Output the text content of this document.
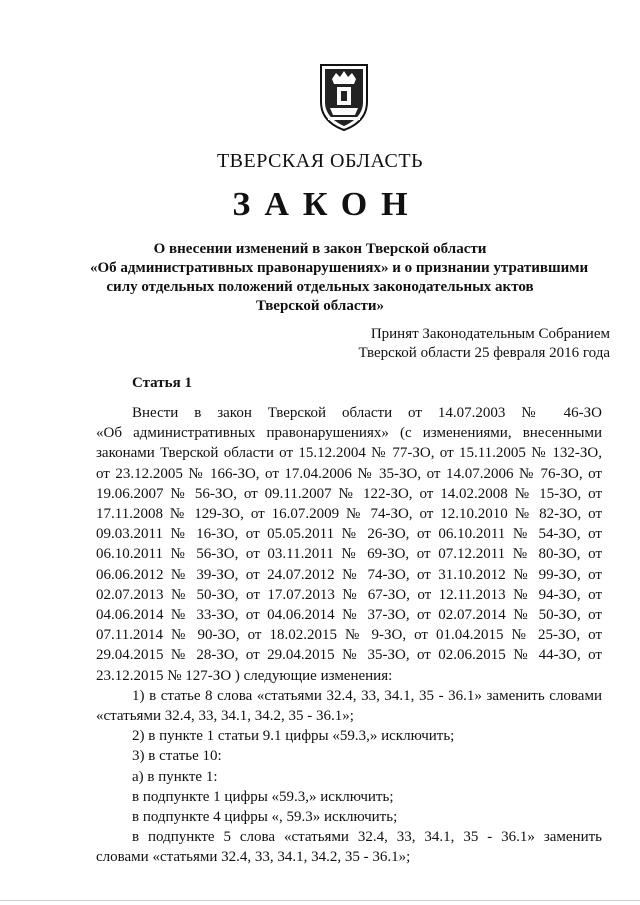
ТВЕРСКАЯ ОБЛАСТЬ
ЗАКОН
О внесении изменений в закон Тверской области
«Об административных правонарушениях» и о признании утратившими
силу отдельных положений отдельных законодательных актов
Тверской области»
Принят Законодательным Собранием
Тверской области 25 февраля 2016 года
Статья 1
Внести в закон Тверской области от 14.07.2003 № 46-ЗО
«Об административных правонарушениях» (с изменениями, внесенными
законами Тверской области от 15.12.2004 № 77-ЗО, от 15.11.2005 № 132-ЗО,
от 23.12.2005 № 166-ЗО, от 17.04.2006 № 35-ЗО, от 14.07.2006 № 76-ЗО, от
19.06.2007 № 56-ЗО, от 09.11.2007 № 122-ЗО, от 14.02.2008 № 15-ЗО, от
17.11.2008 № 129-ЗО, от 16.07.2009 № 74-ЗО, от 12.10.2010 № 82-ЗО, от
09.03.2011 № 16-ЗО, от 05.05.2011 № 26-ЗО, от 06.10.2011 № 54-ЗО, от
06.10.2011 № 56-ЗО, от 03.11.2011 № 69-ЗО, от 07.12.2011 № 80-ЗО, от
06.06.2012 № 39-ЗО, от 24.07.2012 № 74-ЗО, от 31.10.2012 № 99-ЗО, от
02.07.2013 № 50-ЗО, от 17.07.2013 № 67-ЗО, от 12.11.2013 № 94-ЗО, от
04.06.2014 № 33-ЗО, от 04.06.2014 № 37-ЗО, от 02.07.2014 № 50-ЗО, от
07.11.2014 № 90-ЗО, от 18.02.2015 № 9-ЗО, от 01.04.2015 № 25-ЗО, от
29.04.2015 № 28-ЗО, от 29.04.2015 № 35-ЗО, от 02.06.2015 № 44-ЗО, от
23.12.2015 № 127-ЗО ) следующие изменения:
1) в статье 8 слова «статьями 32.4, 33, 34.1, 35 - 36.1» заменить словами
«статьями 32.4, 33, 34.1, 34.2, 35 - 36.1»;
2) в пункте 1 статьи 9.1 цифры «59.3,» исключить;
3) в статье 10:
а) в пункте 1:
в подпункте 1 цифры «59.3,» исключить;
в подпункте 4 цифры «, 59.3» исключить;
в подпункте 5 слова «статьями 32.4, 33, 34.1, 35 - 36.1» заменить
словами «статьями 32.4, 33, 34.1, 34.2, 35 - 36.1»;
